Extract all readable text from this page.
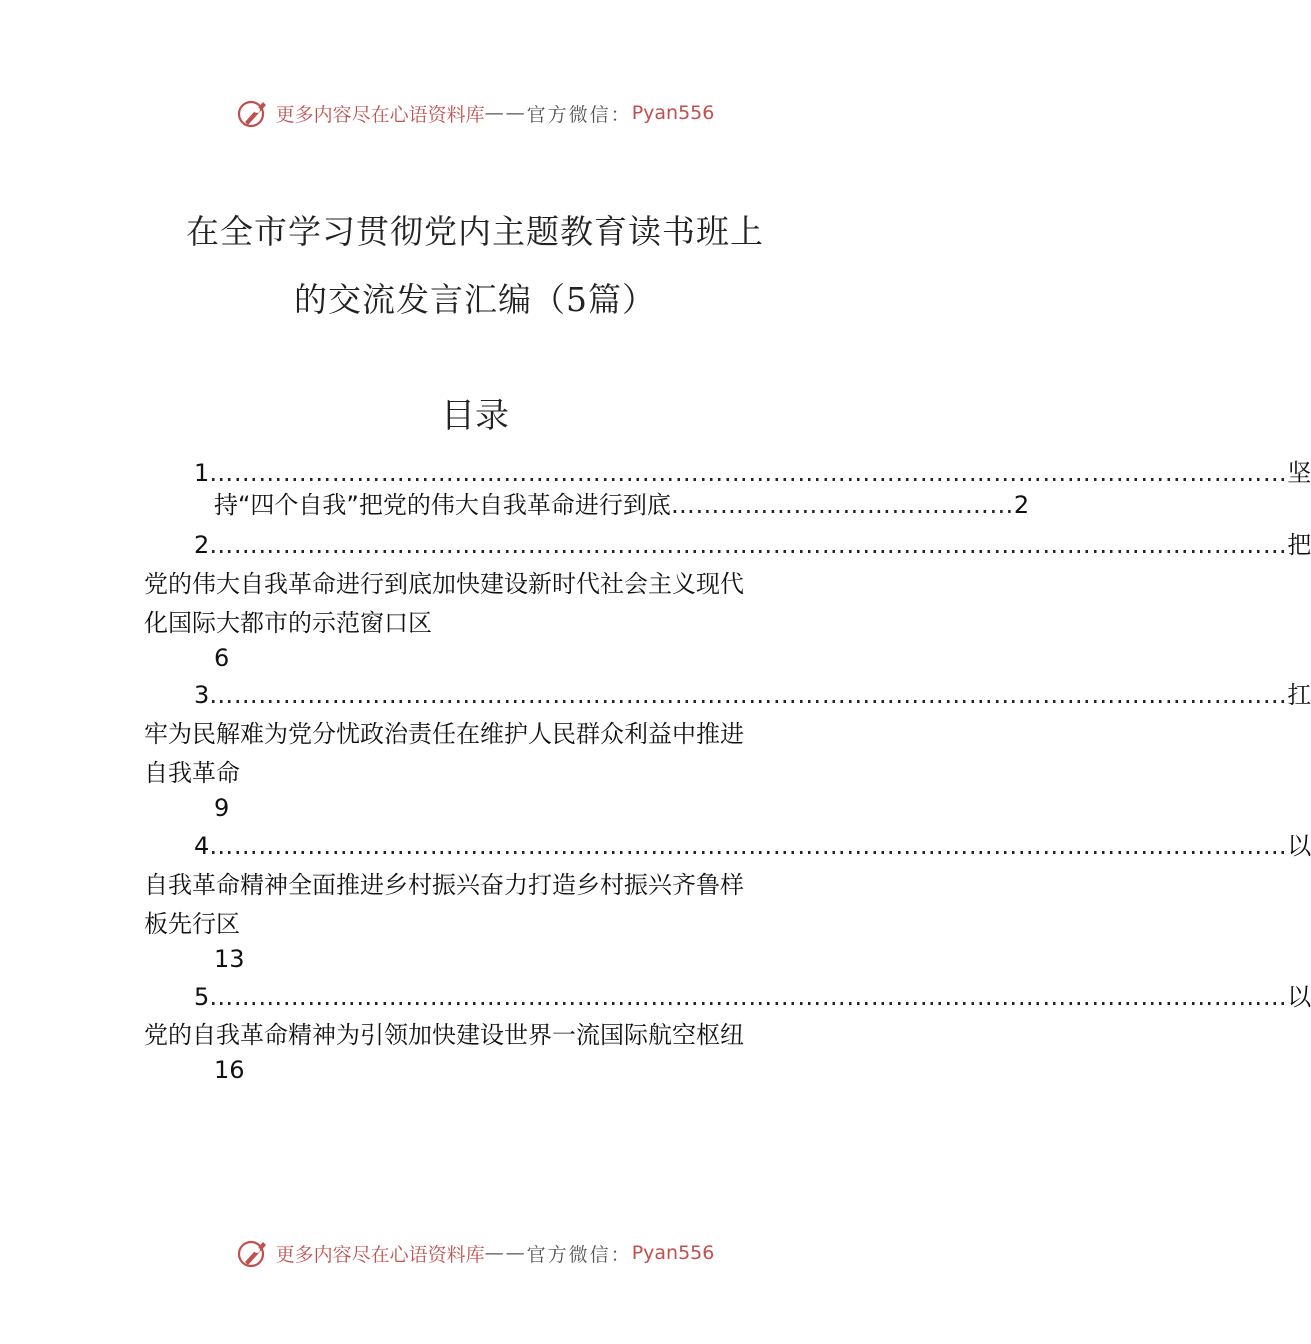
更多内容尽在心语资料库 —— 官方微信： Pyan556
在全市学习贯彻党内主题教育读书班上
的交流发言汇编（5篇）
目录
1 …………………………………………………………………………………………………………………… 坚
持“四个自我”把党的伟大自我革命进行到底 …………………………………… 2
2 …………………………………………………………………………………………………………………… 把
党的伟大自我革命进行到底加快建设新时代社会主义现代
化国际大都市的示范窗口区
6
3 …………………………………………………………………………………………………………………… 扛
牢为民解难为党分忧政治责任在维护人民群众利益中推进
自我革命
9
4 …………………………………………………………………………………………………………………… 以
自我革命精神全面推进乡村振兴奋力打造乡村振兴齐鲁样
板先行区
13
5 …………………………………………………………………………………………………………………… 以
党的自我革命精神为引领加快建设世界一流国际航空枢纽
16
更多内容尽在心语资料库 —— 官方微信： Pyan556
